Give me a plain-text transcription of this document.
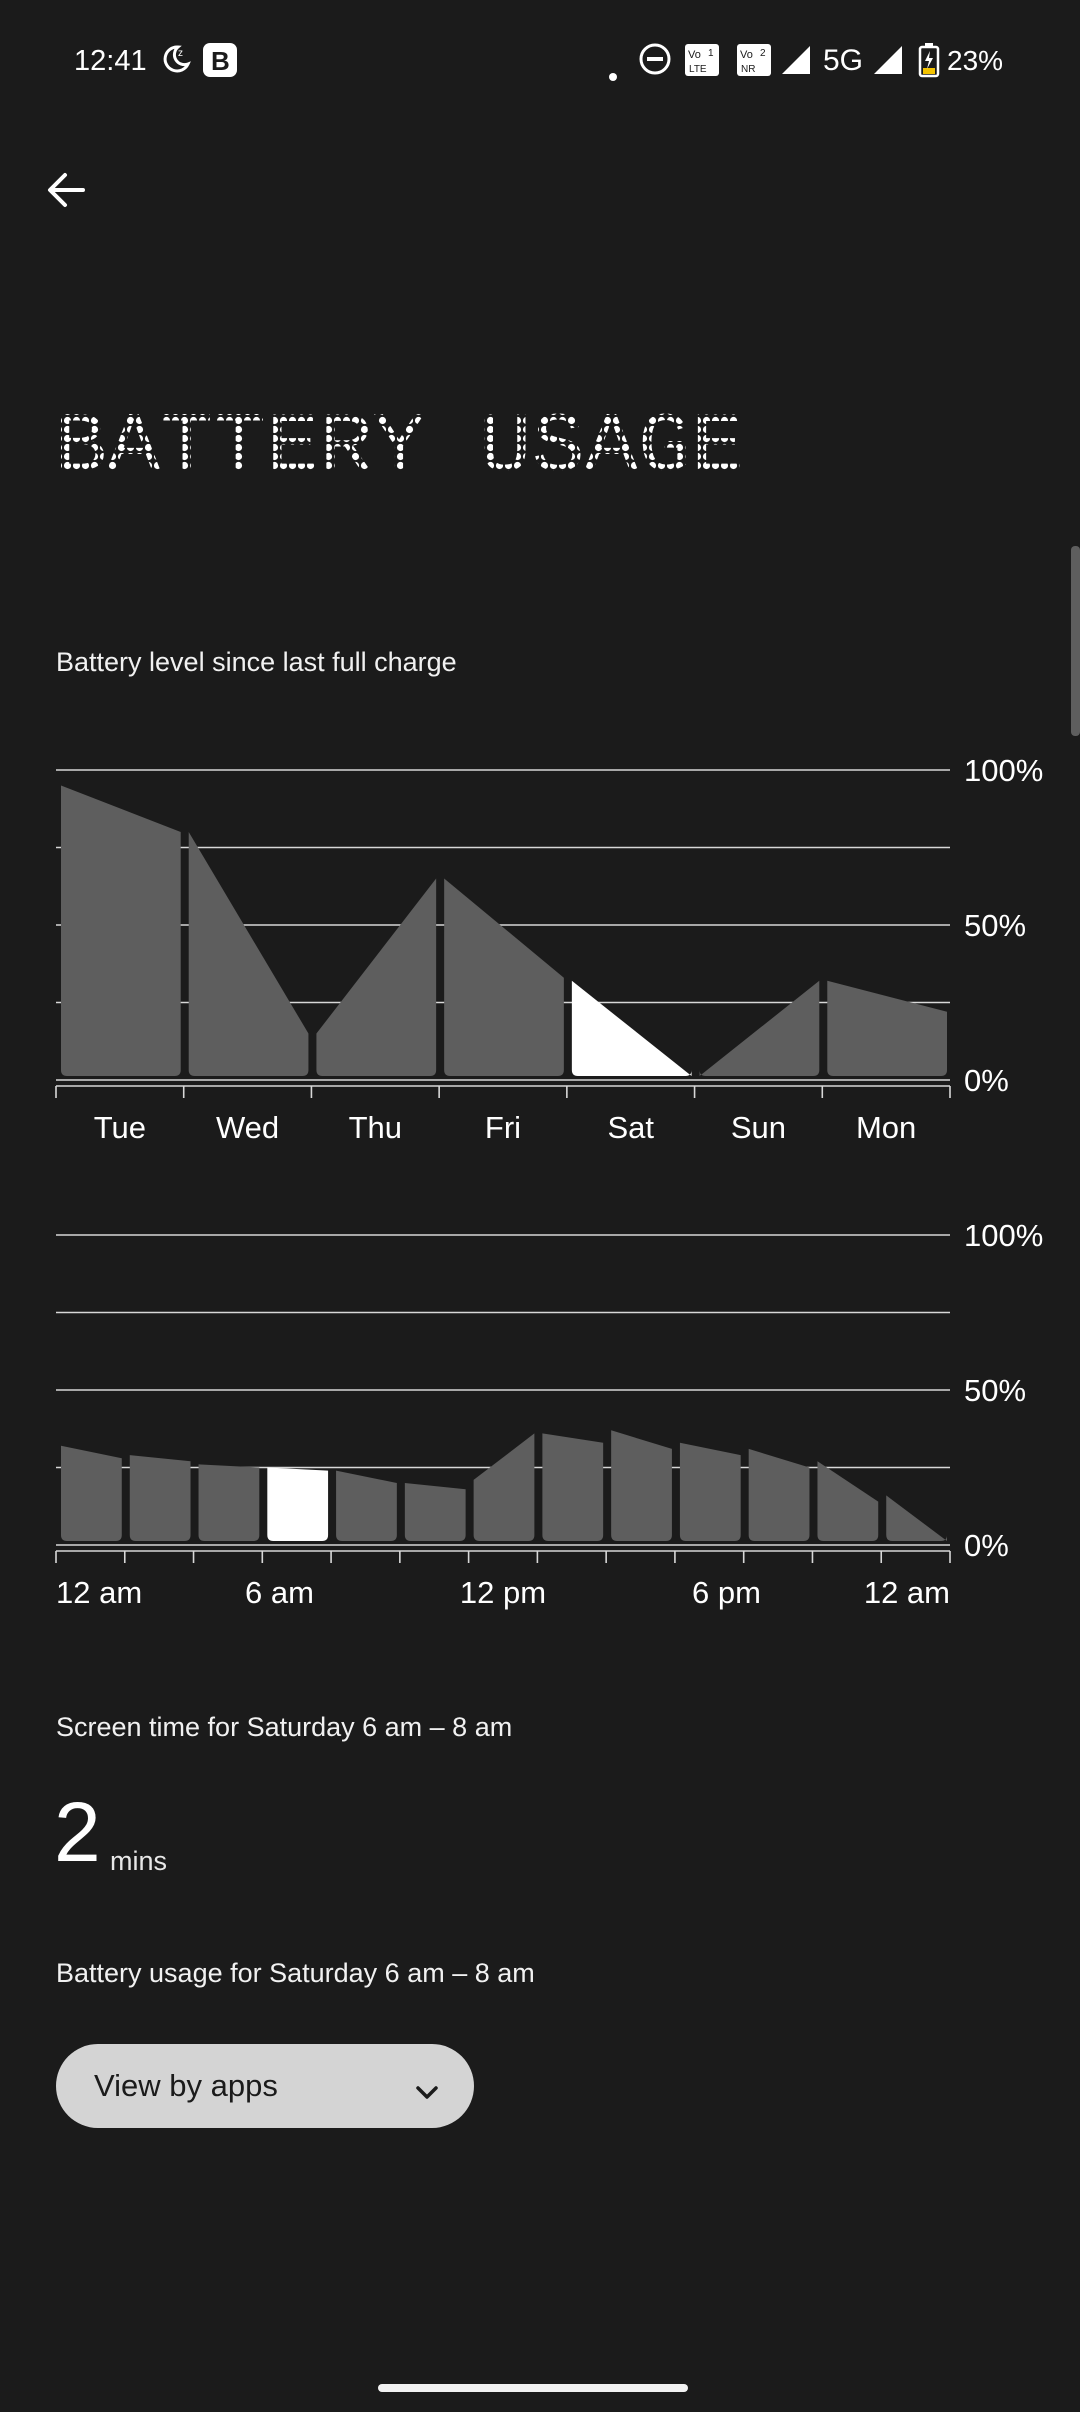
12:41	z B	Vo 1
LTE
Vo 2
NR 5G	23%
BATTERY USAGE
Battery level since last full charge
100%
50%
0%
Tue Wed Thu	Fri	Sat Sun Mon
100%
50%
0%
12 am	6 am	12 pm	6 pm	12 am
Screen time for Saturday 6 am – 8 am
2 mins
Battery usage for Saturday 6 am – 8 am
View by apps
